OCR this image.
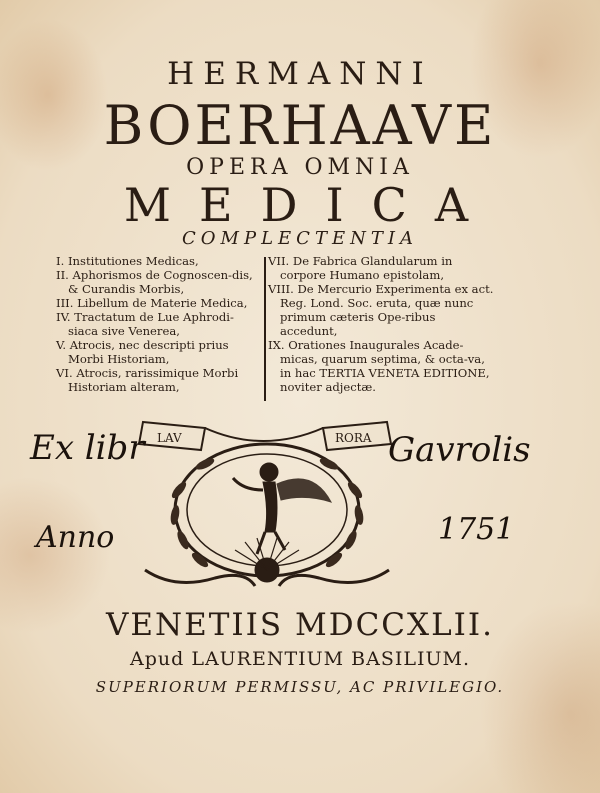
HERMANNI
BOERHAAVE
OPERA OMNIA
MEDICA
COMPLECTENTIA

I. Institutiones Medicas,

II. Aphorismos de Cognoscen-dis, & Curandis Morbis,

III. Libellum de Materie Medica,

IV. Tractatum de Lue Aphrodi-siaca sive Venerea,

V. Atrocis, nec descripti prius Morbi Historiam,

VI. Atrocis, rarissimique Morbi Historiam alteram,

VII. De Fabrica Glandularum in corpore Humano epistolam,

VIII. De Mercurio Experimenta ex act. Reg. Lond. Soc. eruta, quæ nunc primum cæteris Ope-ribus accedunt,

IX. Orationes Inaugurales Acade-micas, quarum septima, & octa-va, in hac TERTIA VENETA EDITIONE, noviter adjectæ.

LAV	RORA
Ex libr	Gavrolis
Anno	1751
VENETIIS MDCCXLII.
Apud LAURENTIUM BASILIUM.
SUPERIORUM PERMISSU, AC PRIVILEGIO.
